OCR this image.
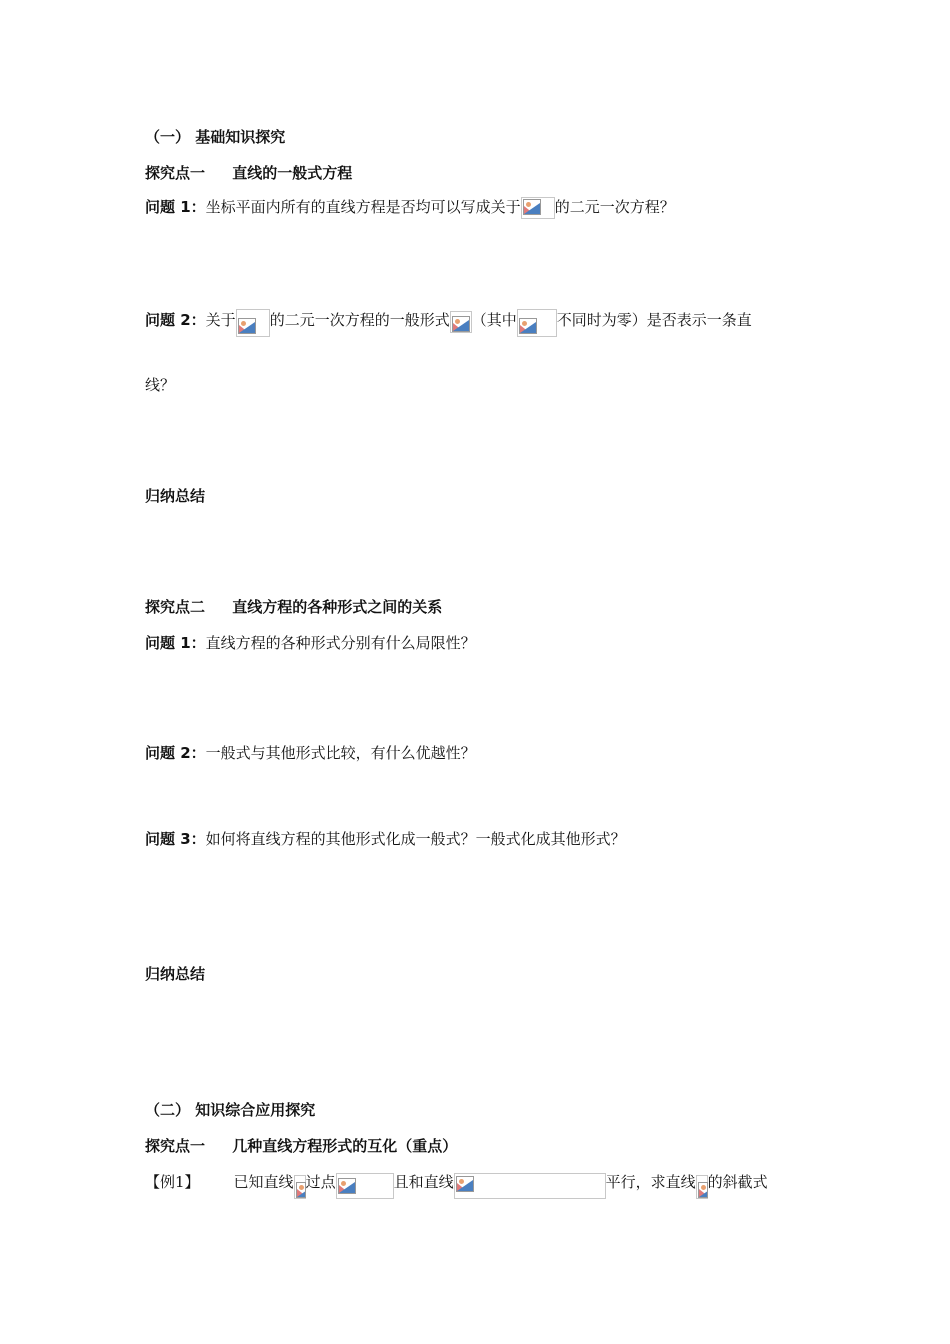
（一） 基础知识探究
探究点一 直线的一般式方程
问题 1：坐标平面内所有的直线方程是否均可以写成关于 的二元一次方程？
问题 2：关于 的二元一次方程的一般形式 （其中	不同时为零）是否表示一条直
线？
归纳总结
探究点二 直线方程的各种形式之间的关系
问题 1：直线方程的各种形式分别有什么局限性？
问题 2：一般式与其他形式比较，有什么优越性？
问题 3：如何将直线方程的其他形式化成一般式？一般式化成其他形式？
归纳总结
（二） 知识综合应用探究
探究点一 几种直线方程形式的互化（重点）
【例1】 已知直线 过点	且和直线	平行，求直线 的斜截式
